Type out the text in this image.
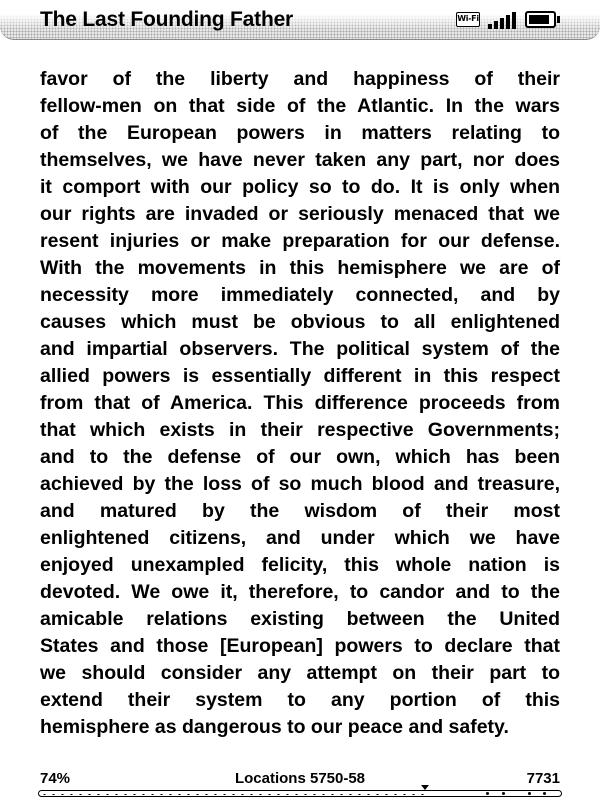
The Last Founding Father	Wi-Fi
favor of the liberty and happiness of their
fellow-men on that side of the Atlantic. In the wars
of the European powers in matters relating to
themselves, we have never taken any part, nor does
it comport with our policy so to do. It is only when
our rights are invaded or seriously menaced that we
resent injuries or make preparation for our defense.
With the movements in this hemisphere we are of
necessity more immediately connected, and by
causes which must be obvious to all enlightened
and impartial observers. The political system of the
allied powers is essentially different in this respect
from that of America. This difference proceeds from
that which exists in their respective Governments;
and to the defense of our own, which has been
achieved by the loss of so much blood and treasure,
and matured by the wisdom of their most
enlightened citizens, and under which we have
enjoyed unexampled felicity, this whole nation is
devoted. We owe it, therefore, to candor and to the
amicable relations existing between the United
States and those [European] powers to declare that
we should consider any attempt on their part to
extend their system to any portion of this
hemisphere as dangerous to our peace and safety.
74%	Locations 5750-58	7731
